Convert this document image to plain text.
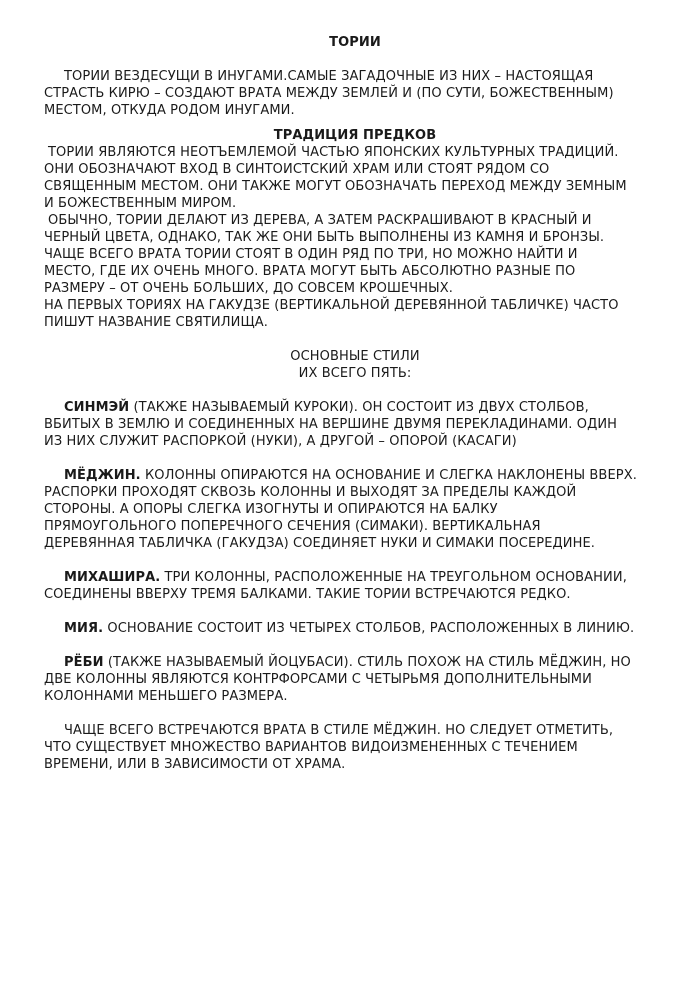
ТОРИИ
ТОРИИ ВЕЗДЕСУЩИ В ИНУГАМИ.САМЫЕ ЗАГАДОЧНЫЕ ИЗ НИХ – НАСТОЯЩАЯ
СТРАСТЬ КИРЮ – СОЗДАЮТ ВРАТА МЕЖДУ ЗЕМЛЕЙ И (ПО СУТИ, БОЖЕСТВЕННЫМ)
МЕСТОМ, ОТКУДА РОДОМ ИНУГАМИ.
ТРАДИЦИЯ ПРЕДКОВ
ТОРИИ ЯВЛЯЮТСЯ НЕОТЪЕМЛЕМОЙ ЧАСТЬЮ ЯПОНСКИХ КУЛЬТУРНЫХ ТРАДИЦИЙ.
ОНИ ОБОЗНАЧАЮТ ВХОД В СИНТОИСТСКИЙ ХРАМ ИЛИ СТОЯТ РЯДОМ СО
СВЯЩЕННЫМ МЕСТОМ. ОНИ ТАКЖЕ МОГУТ ОБОЗНАЧАТЬ ПЕРЕХОД МЕЖДУ ЗЕМНЫМ
И БОЖЕСТВЕННЫМ МИРОМ.
ОБЫЧНО, ТОРИИ ДЕЛАЮТ ИЗ ДЕРЕВА, А ЗАТЕМ РАСКРАШИВАЮТ В КРАСНЫЙ И
ЧЕРНЫЙ ЦВЕТА, ОДНАКО, ТАК ЖЕ ОНИ БЫТЬ ВЫПОЛНЕНЫ ИЗ КАМНЯ И БРОНЗЫ.
ЧАЩЕ ВСЕГО ВРАТА ТОРИИ СТОЯТ В ОДИН РЯД ПО ТРИ, НО МОЖНО НАЙТИ И
МЕСТО, ГДЕ ИХ ОЧЕНЬ МНОГО. ВРАТА МОГУТ БЫТЬ АБСОЛЮТНО РАЗНЫЕ ПО
РАЗМЕРУ – ОТ ОЧЕНЬ БОЛЬШИХ, ДО СОВСЕМ КРОШЕЧНЫХ.
НА ПЕРВЫХ ТОРИЯХ НА ГАКУДЗЕ (ВЕРТИКАЛЬНОЙ ДЕРЕВЯННОЙ ТАБЛИЧКЕ) ЧАСТО
ПИШУТ НАЗВАНИЕ СВЯТИЛИЩА.
ОСНОВНЫЕ СТИЛИ
ИХ ВСЕГО ПЯТЬ:
СИНМЭЙ (ТАКЖЕ НАЗЫВАЕМЫЙ КУРОКИ). ОН СОСТОИТ ИЗ ДВУХ СТОЛБОВ,
ВБИТЫХ В ЗЕМЛЮ И СОЕДИНЕННЫХ НА ВЕРШИНЕ ДВУМЯ ПЕРЕКЛАДИНАМИ. ОДИН
ИЗ НИХ СЛУЖИТ РАСПОРКОЙ (НУКИ), А ДРУГОЙ – ОПОРОЙ (КАСАГИ)
МЁДЖИН. КОЛОННЫ ОПИРАЮТСЯ НА ОСНОВАНИЕ И СЛЕГКА НАКЛОНЕНЫ ВВЕРХ.
РАСПОРКИ ПРОХОДЯТ СКВОЗЬ КОЛОННЫ И ВЫХОДЯТ ЗА ПРЕДЕЛЫ КАЖДОЙ
СТОРОНЫ. А ОПОРЫ СЛЕГКА ИЗОГНУТЫ И ОПИРАЮТСЯ НА БАЛКУ
ПРЯМОУГОЛЬНОГО ПОПЕРЕЧНОГО СЕЧЕНИЯ (СИМАКИ). ВЕРТИКАЛЬНАЯ
ДЕРЕВЯННАЯ ТАБЛИЧКА (ГАКУДЗА) СОЕДИНЯЕТ НУКИ И СИМАКИ ПОСЕРЕДИНЕ.
МИХАШИРА. ТРИ КОЛОННЫ, РАСПОЛОЖЕННЫЕ НА ТРЕУГОЛЬНОМ ОСНОВАНИИ,
СОЕДИНЕНЫ ВВЕРХУ ТРЕМЯ БАЛКАМИ. ТАКИЕ ТОРИИ ВСТРЕЧАЮТСЯ РЕДКО.
МИЯ. ОСНОВАНИЕ СОСТОИТ ИЗ ЧЕТЫРЕХ СТОЛБОВ, РАСПОЛОЖЕННЫХ В ЛИНИЮ.
РЁБИ (ТАКЖЕ НАЗЫВАЕМЫЙ ЙОЦУБАСИ). СТИЛЬ ПОХОЖ НА СТИЛЬ МЁДЖИН, НО
ДВЕ КОЛОННЫ ЯВЛЯЮТСЯ КОНТРФОРСАМИ С ЧЕТЫРЬМЯ ДОПОЛНИТЕЛЬНЫМИ
КОЛОННАМИ МЕНЬШЕГО РАЗМЕРА.
ЧАЩЕ ВСЕГО ВСТРЕЧАЮТСЯ ВРАТА В СТИЛЕ МЁДЖИН. НО СЛЕДУЕТ ОТМЕТИТЬ,
ЧТО СУЩЕСТВУЕТ МНОЖЕСТВО ВАРИАНТОВ ВИДОИЗМЕНЕННЫХ С ТЕЧЕНИЕМ
ВРЕМЕНИ, ИЛИ В ЗАВИСИМОСТИ ОТ ХРАМА.
